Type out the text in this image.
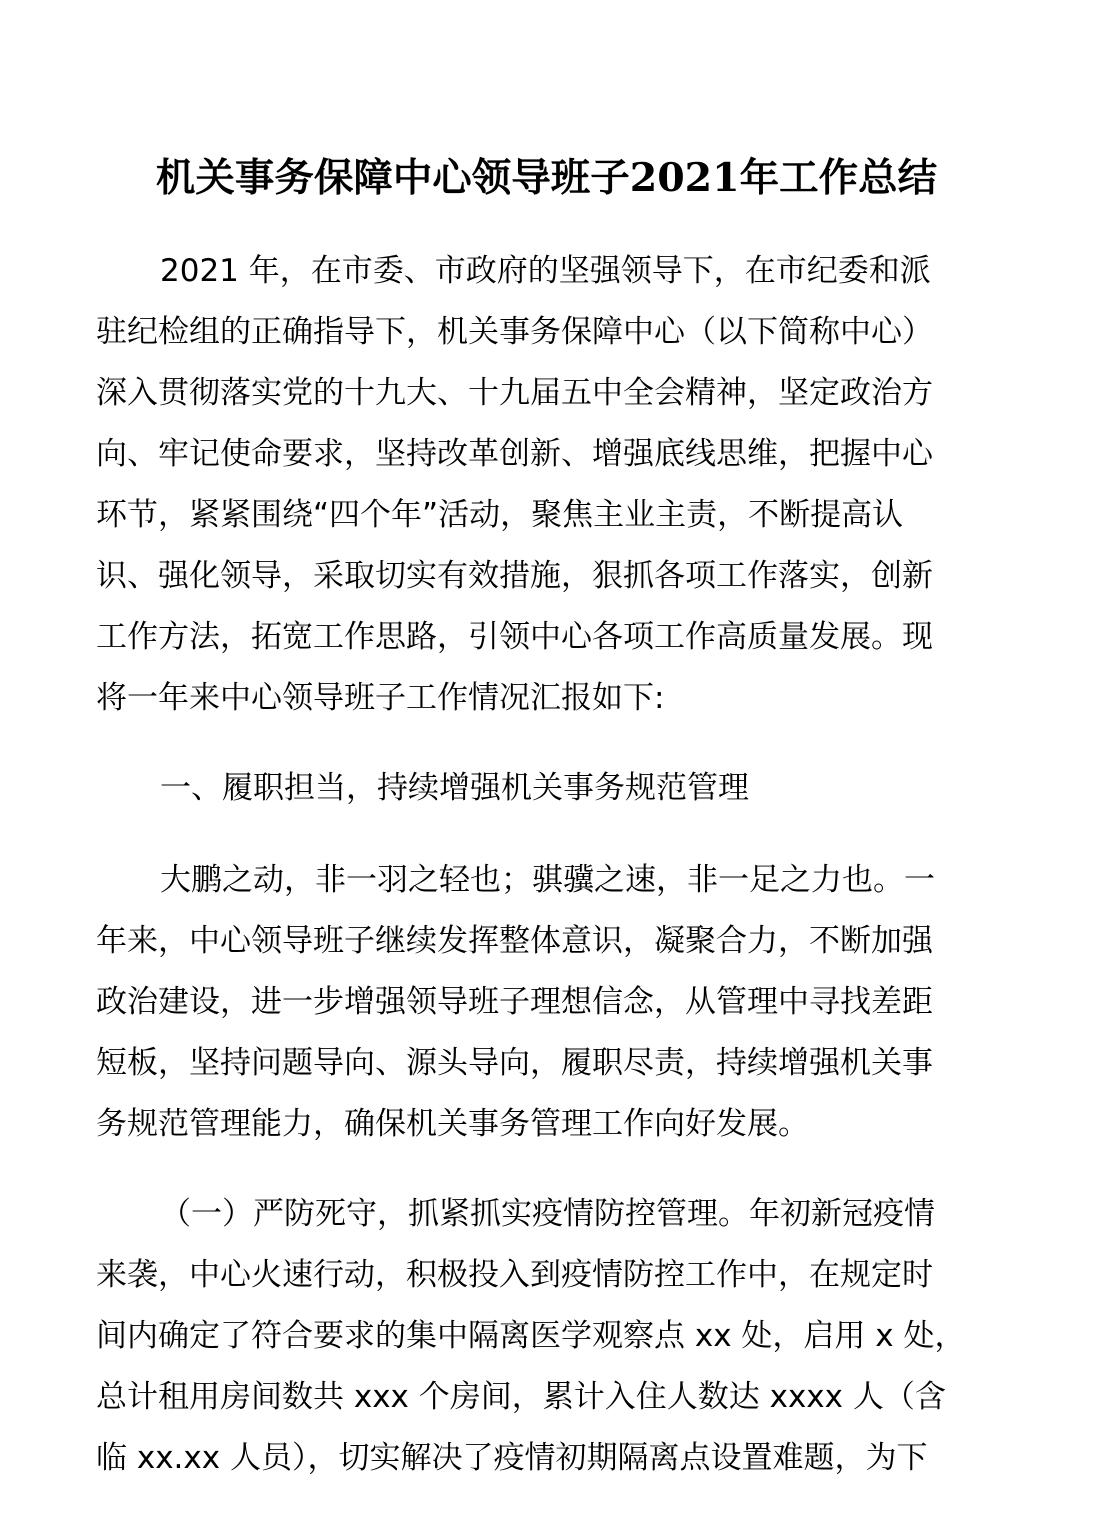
机关事务保障中心领导班子2021年工作总结
2021 年，在市委、市政府的坚强领导下，在市纪委和派
驻纪检组的正确指导下，机关事务保障中心（以下简称中心）
深入贯彻落实党的十九大、十九届五中全会精神，坚定政治方
向、牢记使命要求，坚持改革创新、增强底线思维，把握中心
环节，紧紧围绕“四个年”活动，聚焦主业主责，不断提高认
识、强化领导，采取切实有效措施，狠抓各项工作落实，创新
工作方法，拓宽工作思路，引领中心各项工作高质量发展。现
将一年来中心领导班子工作情况汇报如下:
一、履职担当，持续增强机关事务规范管理
大鹏之动，非一羽之轻也；骐骥之速，非一足之力也。一
年来，中心领导班子继续发挥整体意识，凝聚合力，不断加强
政治建设，进一步增强领导班子理想信念，从管理中寻找差距
短板，坚持问题导向、源头导向，履职尽责，持续增强机关事
务规范管理能力，确保机关事务管理工作向好发展。
（一）严防死守，抓紧抓实疫情防控管理。年初新冠疫情
来袭，中心火速行动，积极投入到疫情防控工作中，在规定时
间内确定了符合要求的集中隔离医学观察点 xx 处，启用 x 处，
总计租用房间数共 xxx 个房间，累计入住人数达 xxxx 人（含
临 xx.xx 人员），切实解决了疫情初期隔离点设置难题，为下
